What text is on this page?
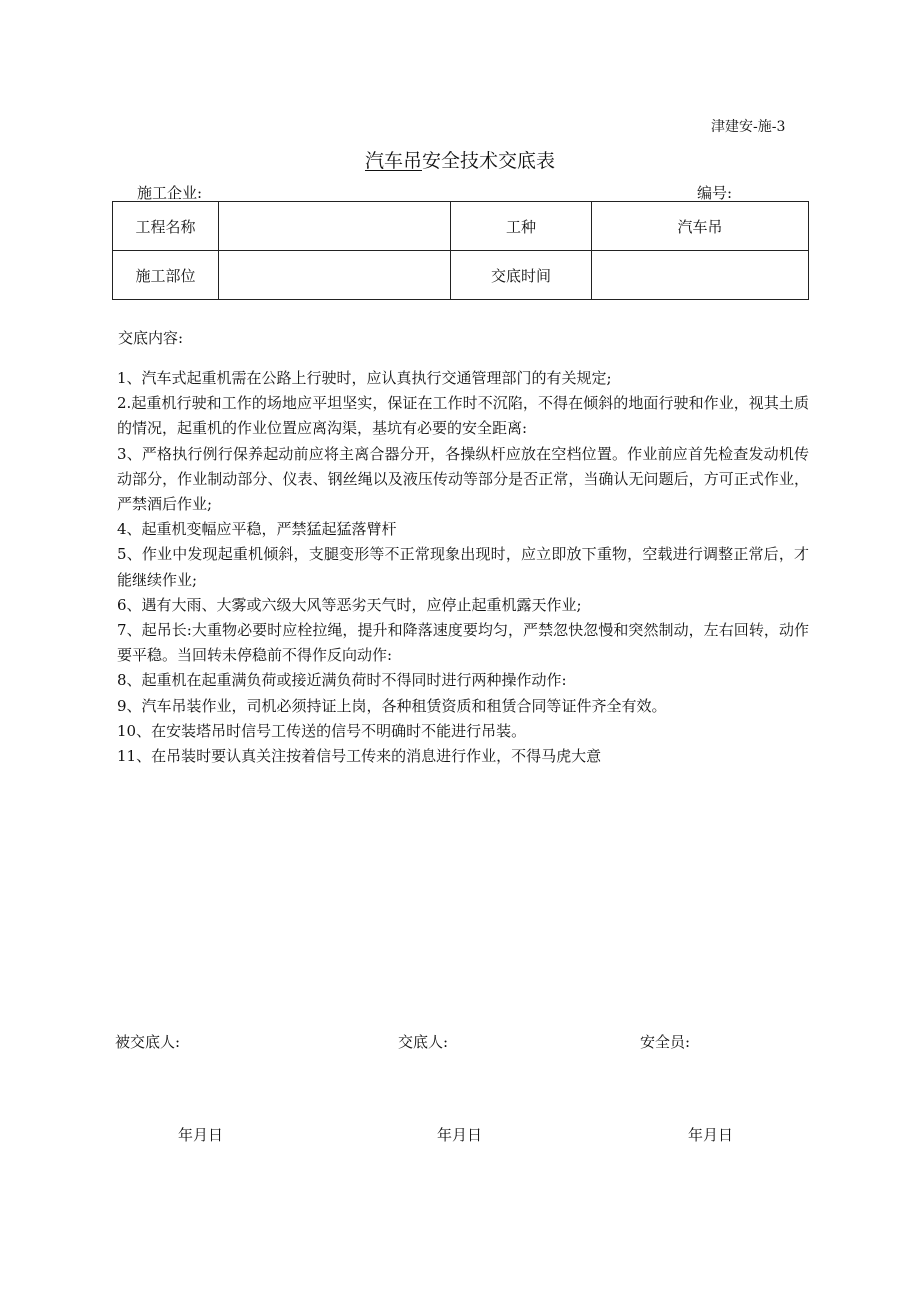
津建安-施-3
汽车吊安全技术交底表
施工企业:	编号:
工程名称		工种	汽车吊
施工部位		交底时间	
交底内容:

1、汽车式起重机需在公路上行驶时，应认真执行交通管理部门的有关规定;

2.起重机行驶和工作的场地应平坦坚实，保证在工作时不沉陷，不得在倾斜的地面行驶和作业，视其土质的情况，起重机的作业位置应离沟渠，基坑有必要的安全距离:

3、严格执行例行保养起动前应将主离合器分开，各操纵杆应放在空档位置。作业前应首先检查发动机传动部分，作业制动部分、仪表、钢丝绳以及液压传动等部分是否正常，当确认无问题后，方可正式作业，严禁酒后作业;

4、起重机变幅应平稳，严禁猛起猛落臂杆

5、作业中发现起重机倾斜，支腿变形等不正常现象出现时，应立即放下重物，空载进行调整正常后，才能继续作业;

6、遇有大雨、大雾或六级大风等恶劣天气时，应停止起重机露天作业;

7、起吊长:大重物必要时应栓拉绳，提升和降落速度要均匀，严禁忽快忽慢和突然制动，左右回转，动作要平稳。当回转未停稳前不得作反向动作:

8、起重机在起重满负荷或接近满负荷时不得同时进行两种操作动作:

9、汽车吊装作业，司机必须持证上岗，各种租赁资质和租赁合同等证件齐全有效。

10、在安装塔吊时信号工传送的信号不明确时不能进行吊装。

11、在吊装时要认真关注按着信号工传来的消息进行作业，不得马虎大意

被交底人:	交底人:	安全员:
年月日	年月日	年月日
